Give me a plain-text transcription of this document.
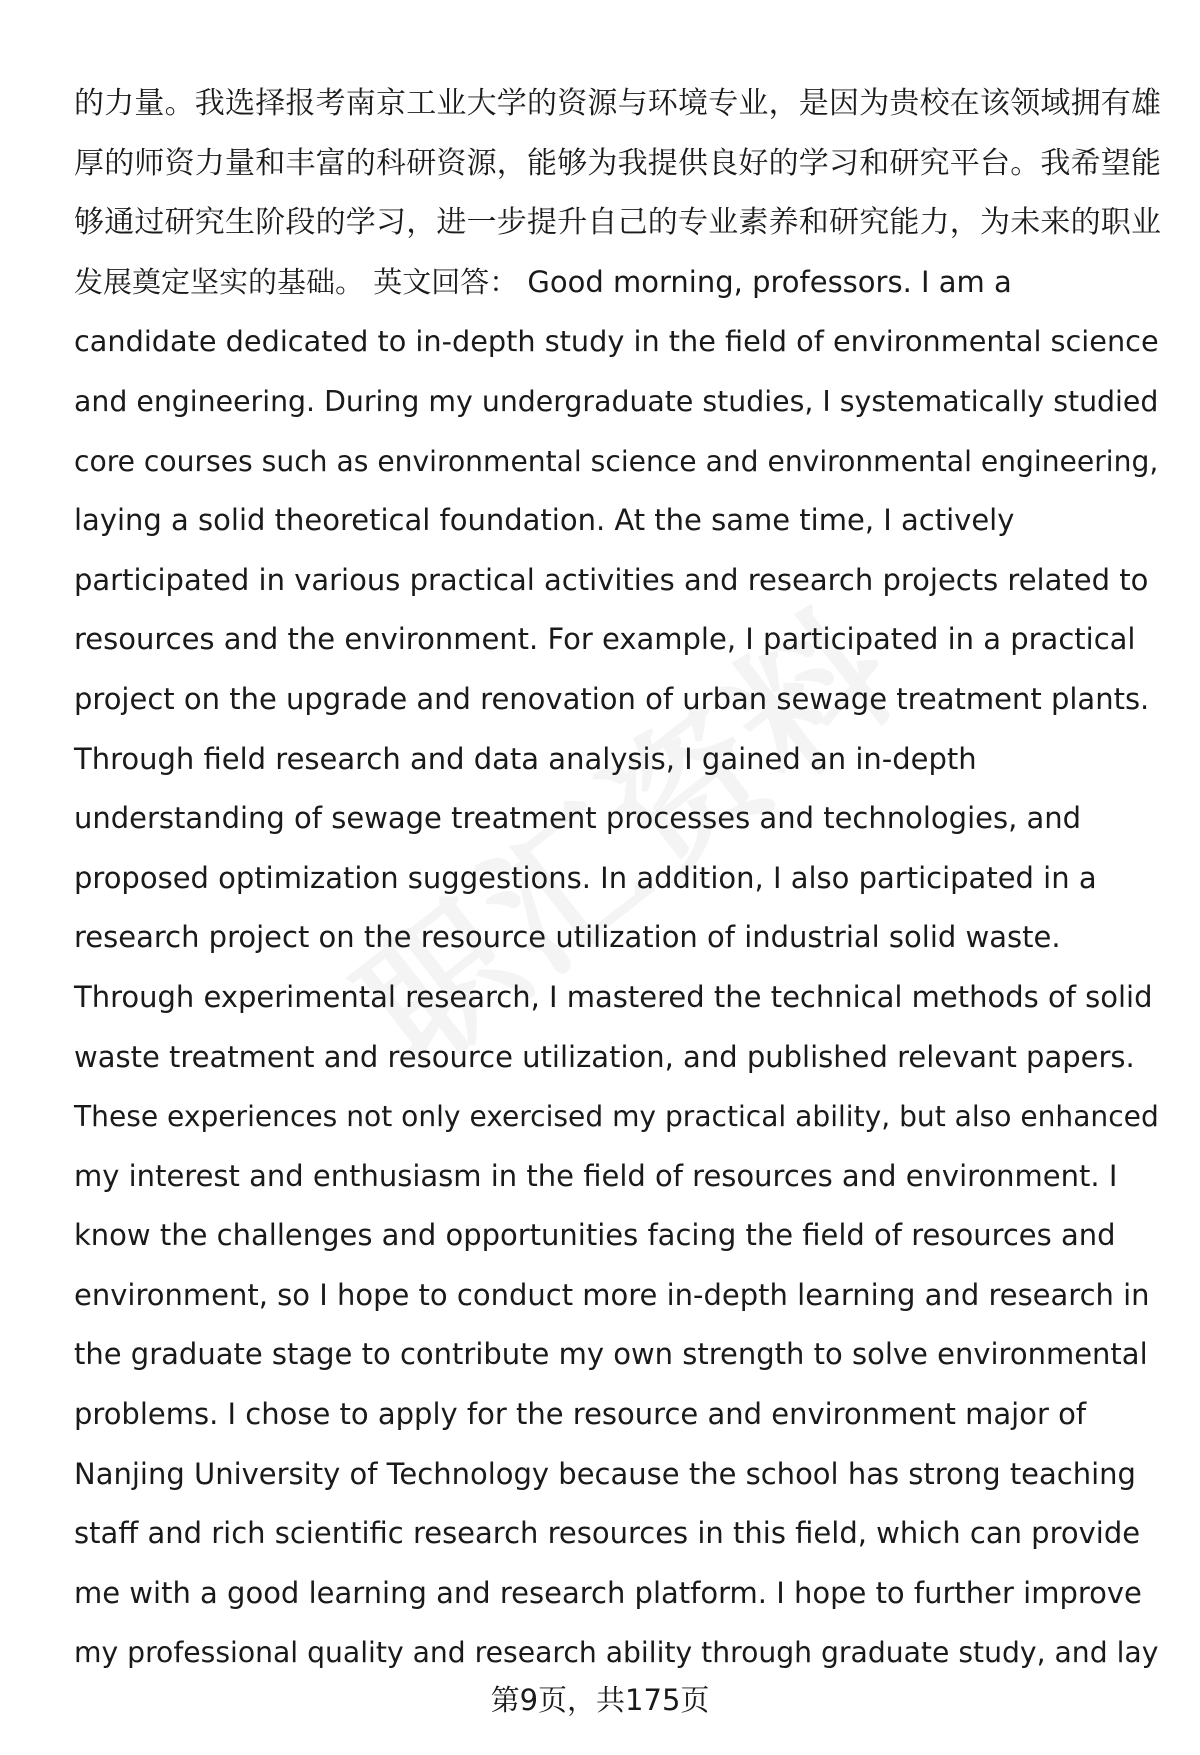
的力量。我选择报考南京工业大学的资源与环境专业，是因为贵校在该领域拥有雄
厚的师资力量和丰富的科研资源，能够为我提供良好的学习和研究平台。我希望能
够通过研究生阶段的学习，进一步提升自己的专业素养和研究能力，为未来的职业
发展奠定坚实的基础。 英文回答： Good morning, professors. I am a
candidate dedicated to in-depth study in the field of environmental science
and engineering. During my undergraduate studies, I systematically studied
core courses such as environmental science and environmental engineering,
laying a solid theoretical foundation. At the same time, I actively
participated in various practical activities and research projects related to
resources and the environment. For example, I participated in a practical
project on the upgrade and renovation of urban sewage treatment plants.
Through field research and data analysis, I gained an in-depth
understanding of sewage treatment processes and technologies, and
proposed optimization suggestions. In addition, I also participated in a
research project on the resource utilization of industrial solid waste.
Through experimental research, I mastered the technical methods of solid
waste treatment and resource utilization, and published relevant papers.
These experiences not only exercised my practical ability, but also enhanced
my interest and enthusiasm in the field of resources and environment. I
know the challenges and opportunities facing the field of resources and
environment, so I hope to conduct more in-depth learning and research in
the graduate stage to contribute my own strength to solve environmental
problems. I chose to apply for the resource and environment major of
Nanjing University of Technology because the school has strong teaching
staff and rich scientific research resources in this field, which can provide
me with a good learning and research platform. I hope to further improve
my professional quality and research ability through graduate study, and lay
第9页，共175页
